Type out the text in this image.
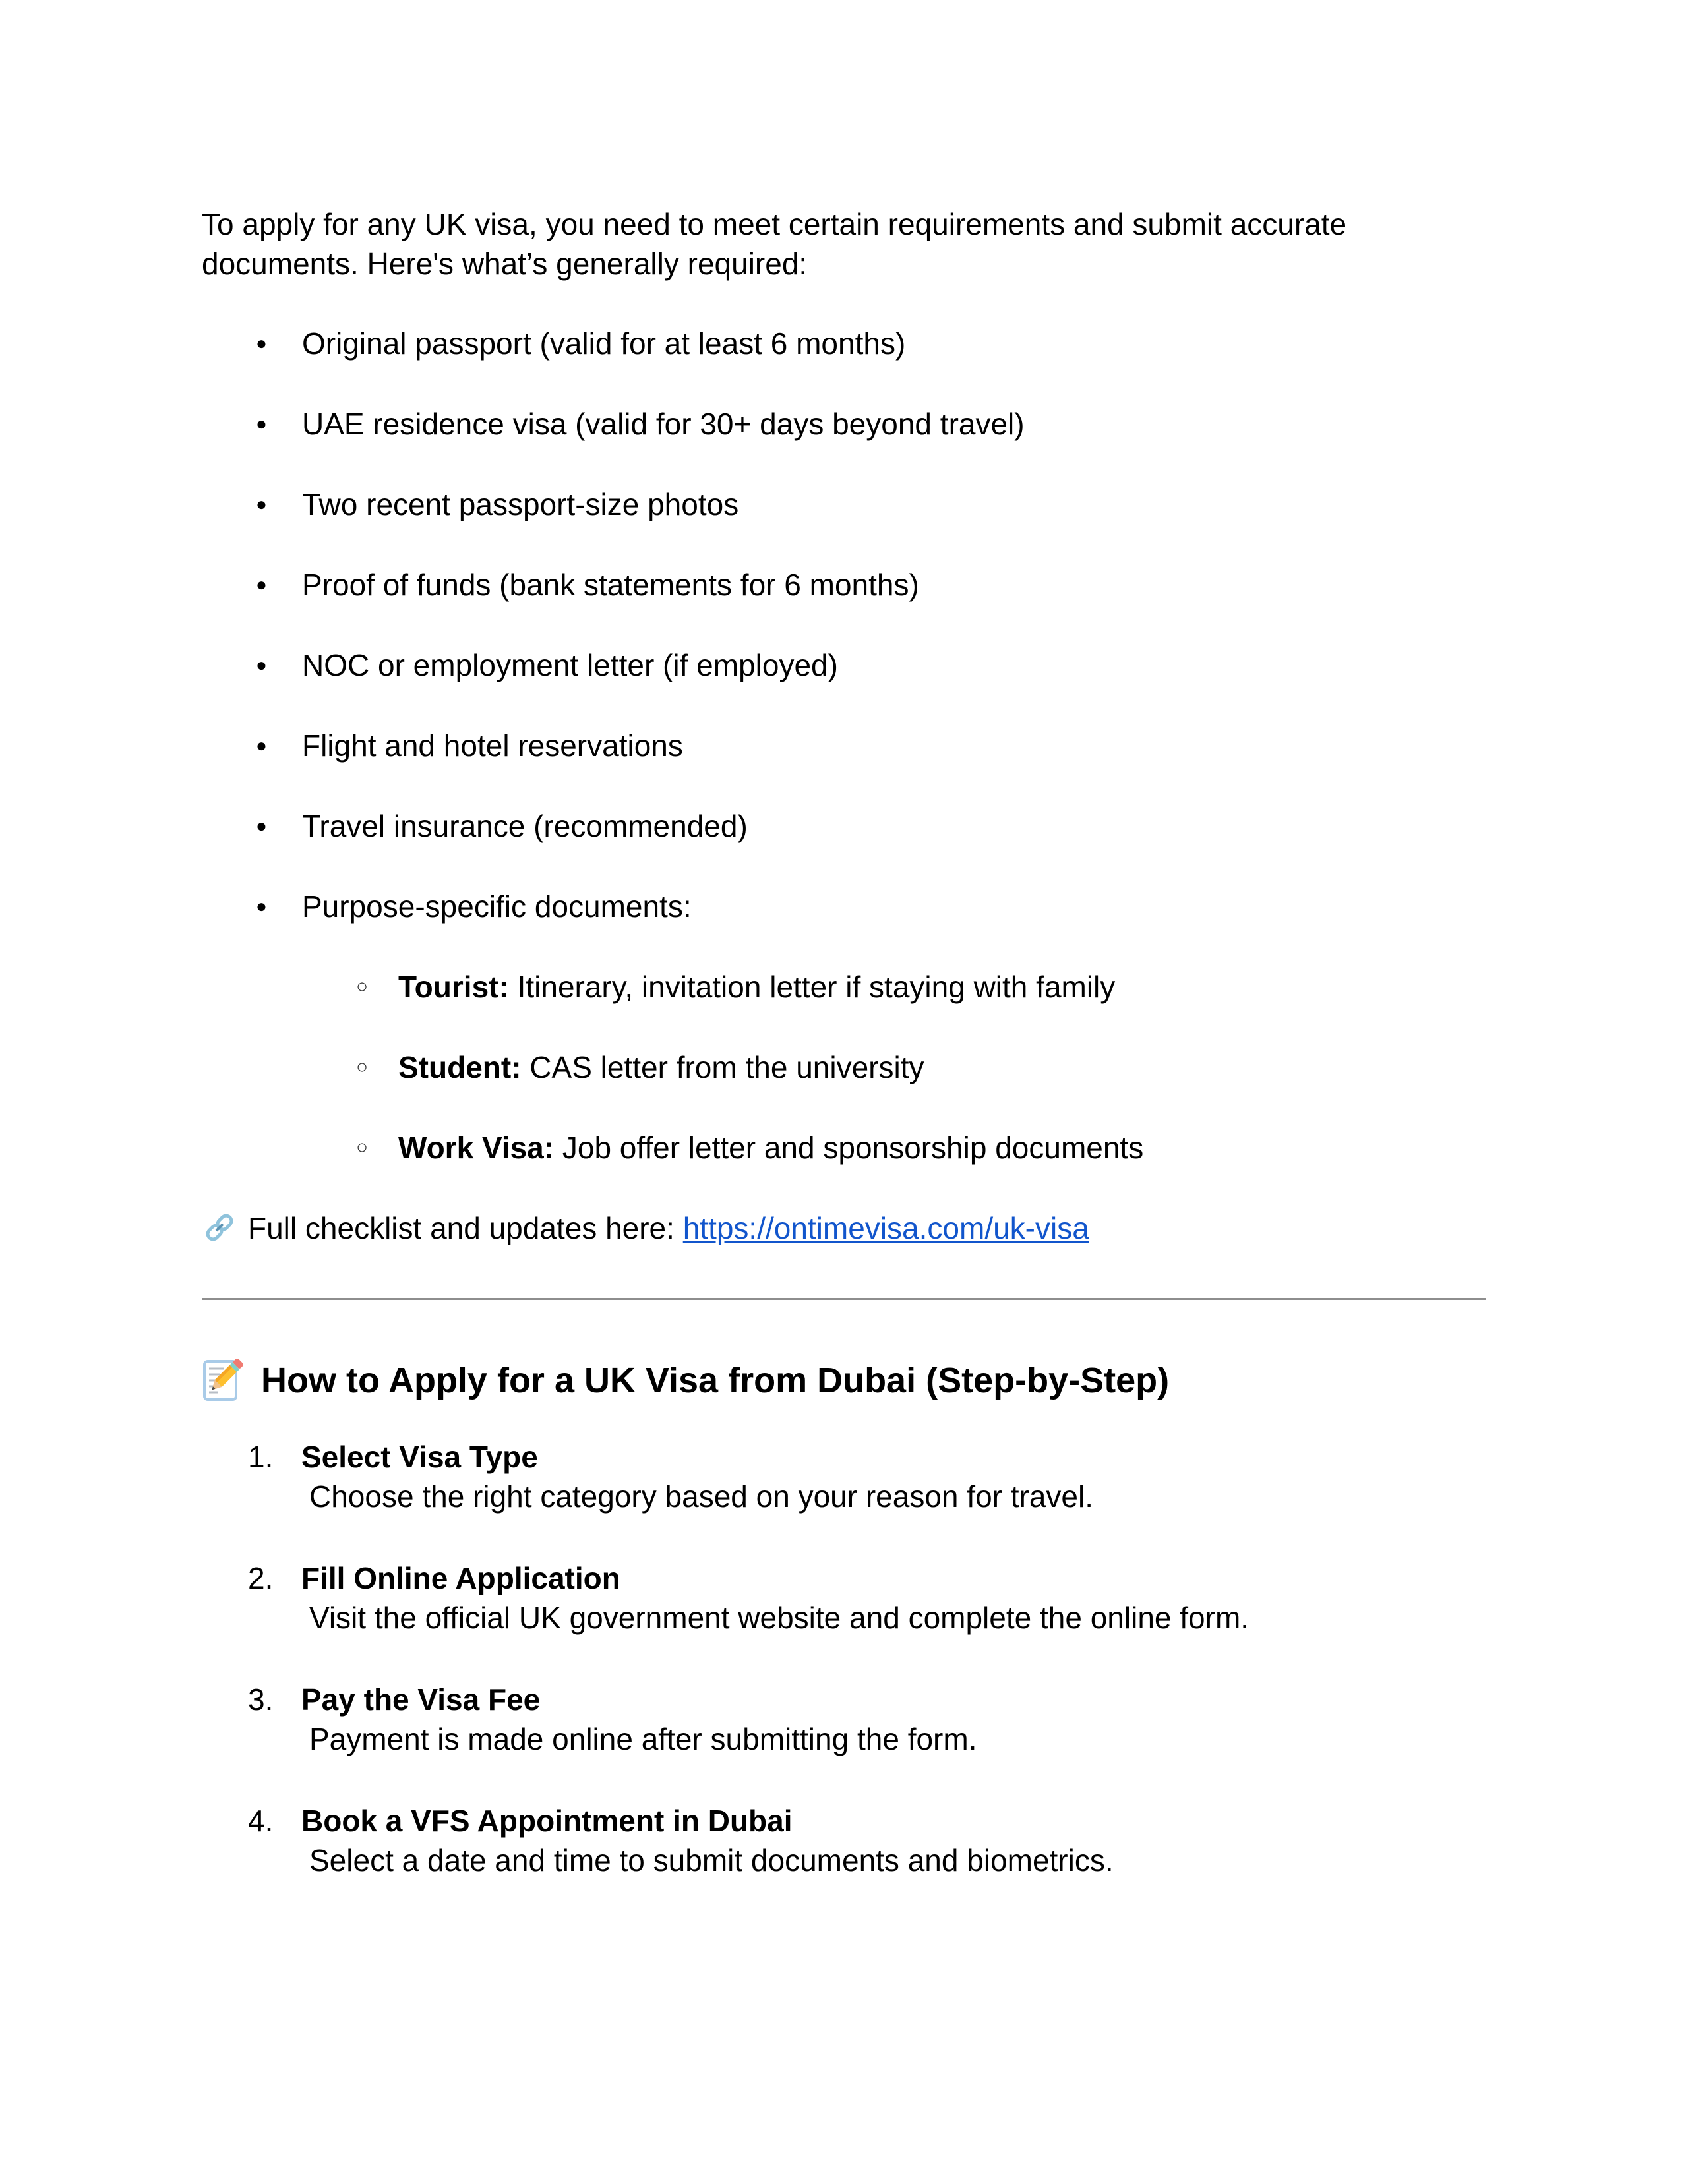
To apply for any UK visa, you need to meet certain requirements and submit accurate
documents. Here's what’s generally required:

● Original passport (valid for at least 6 months)
● UAE residence visa (valid for 30+ days beyond travel)
● Two recent passport-size photos
● Proof of funds (bank statements for 6 months)
● NOC or employment letter (if employed)
● Flight and hotel reservations
● Travel insurance (recommended)
● Purpose-specific documents:
○ Tourist: Itinerary, invitation letter if staying with family
○ Student: CAS letter from the university
○ Work Visa: Job offer letter and sponsorship documents

Full checklist and updates here: https://ontimevisa.com/uk-visa

How to Apply for a UK Visa from Dubai (Step-by-Step)
1. Select Visa Type
Choose the right category based on your reason for travel.
2. Fill Online Application
Visit the official UK government website and complete the online form.
3. Pay the Visa Fee
Payment is made online after submitting the form.
4. Book a VFS Appointment in Dubai
Select a date and time to submit documents and biometrics.
